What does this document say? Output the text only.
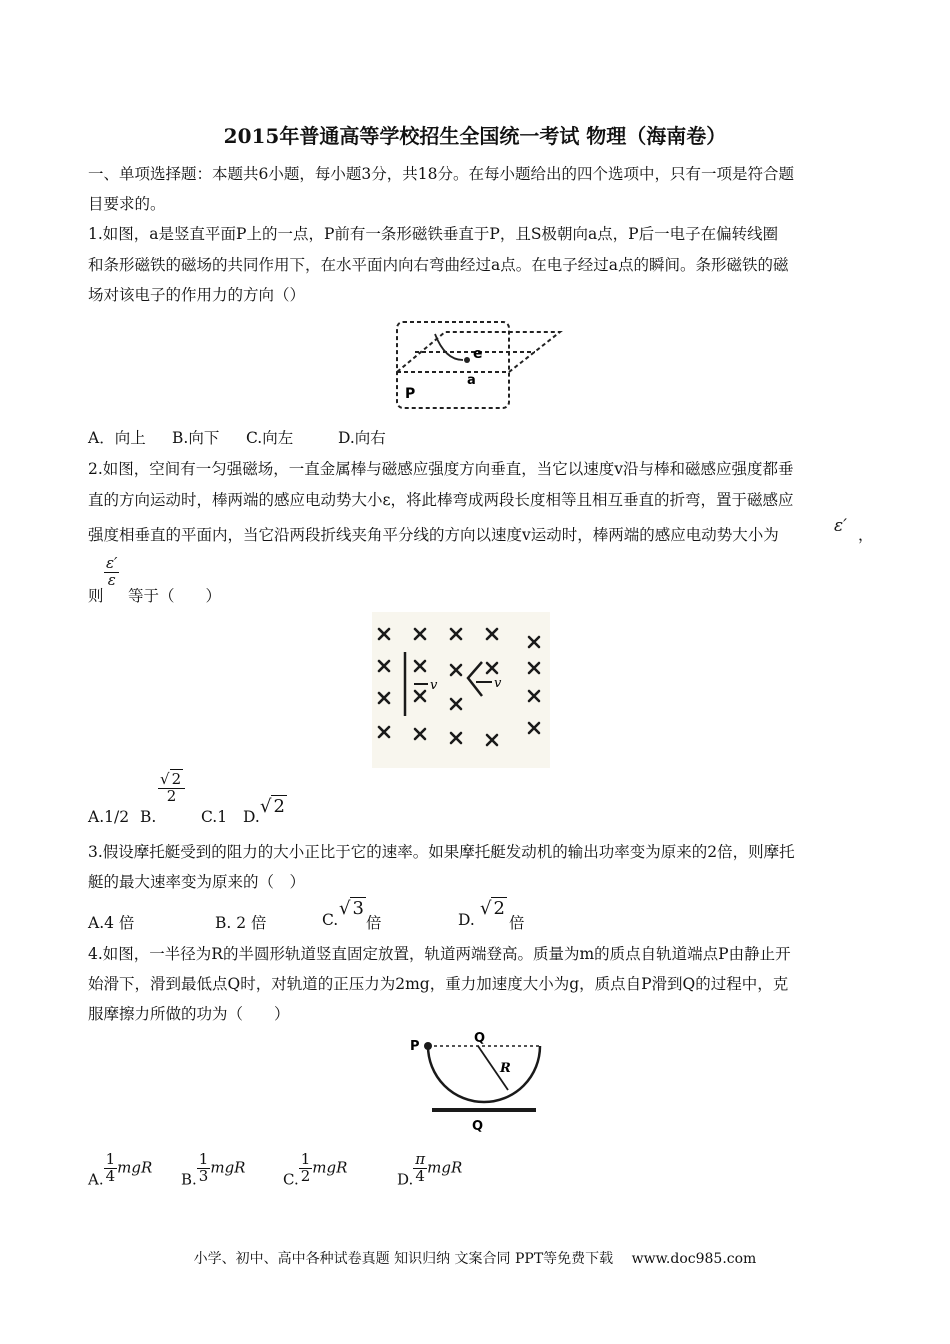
2015年普通高等学校招生全国统一考试 物理（海南卷）
一、单项选择题：本题共6小题，每小题3分，共18分。在每小题给出的四个选项中，只有一项是符合题
目要求的。
1.如图，a是竖直平面P上的一点，P前有一条形磁铁垂直于P，且S极朝向a点，P后一电子在偏转线圈
和条形磁铁的磁场的共同作用下，在水平面内向右弯曲经过a点。在电子经过a点的瞬间。条形磁铁的磁
场对该电子的作用力的方向（）
e
a
P
A．向上 B.向下 C.向左	D.向右
2.如图，空间有一匀强磁场，一直金属棒与磁感应强度方向垂直，当它以速度v沿与棒和磁感应强度都垂
直的方向运动时，棒两端的感应电动势大小ε，将此棒弯成两段长度相等且相互垂直的折弯，置于磁感应
强度相垂直的平面内，当它沿两段折线夹角平分线的方向以速度v运动时，棒两端的感应电动势大小为	ε′ ，
则
$\frac{\varepsilon'}{\varepsilon}$
等于（　　）
v	v
A.1/2 B.
$\frac{√ 2}{2}$
C.1 D. √ 2
3.假设摩托艇受到的阻力的大小正比于它的速率。如果摩托艇发动机的输出功率变为原来的2倍，则摩托
艇的最大速率变为原来的（　）
A.4 倍	B. 2 倍	C.
√ 3
倍	D.
√ 2
倍
4.如图，一半径为R的半圆形轨道竖直固定放置，轨道两端登高。质量为m的质点自轨道端点P由静止开
始滑下，滑到最低点Q时，对轨道的正压力为2mg，重力加速度大小为g，质点自P滑到Q的过程中，克
服摩擦力所做的功为（　　）
P
Q
R
Q
A. $\frac{1}{4}$ mgR
B. $\frac{1}{3}$ mgR
C. $\frac{1}{2}$ mgR
D. $\frac{\pi}{4}$ mgR
小学、初中、高中各种试卷真题 知识归纳 文案合同 PPT等免费下载　 www.doc985.com
